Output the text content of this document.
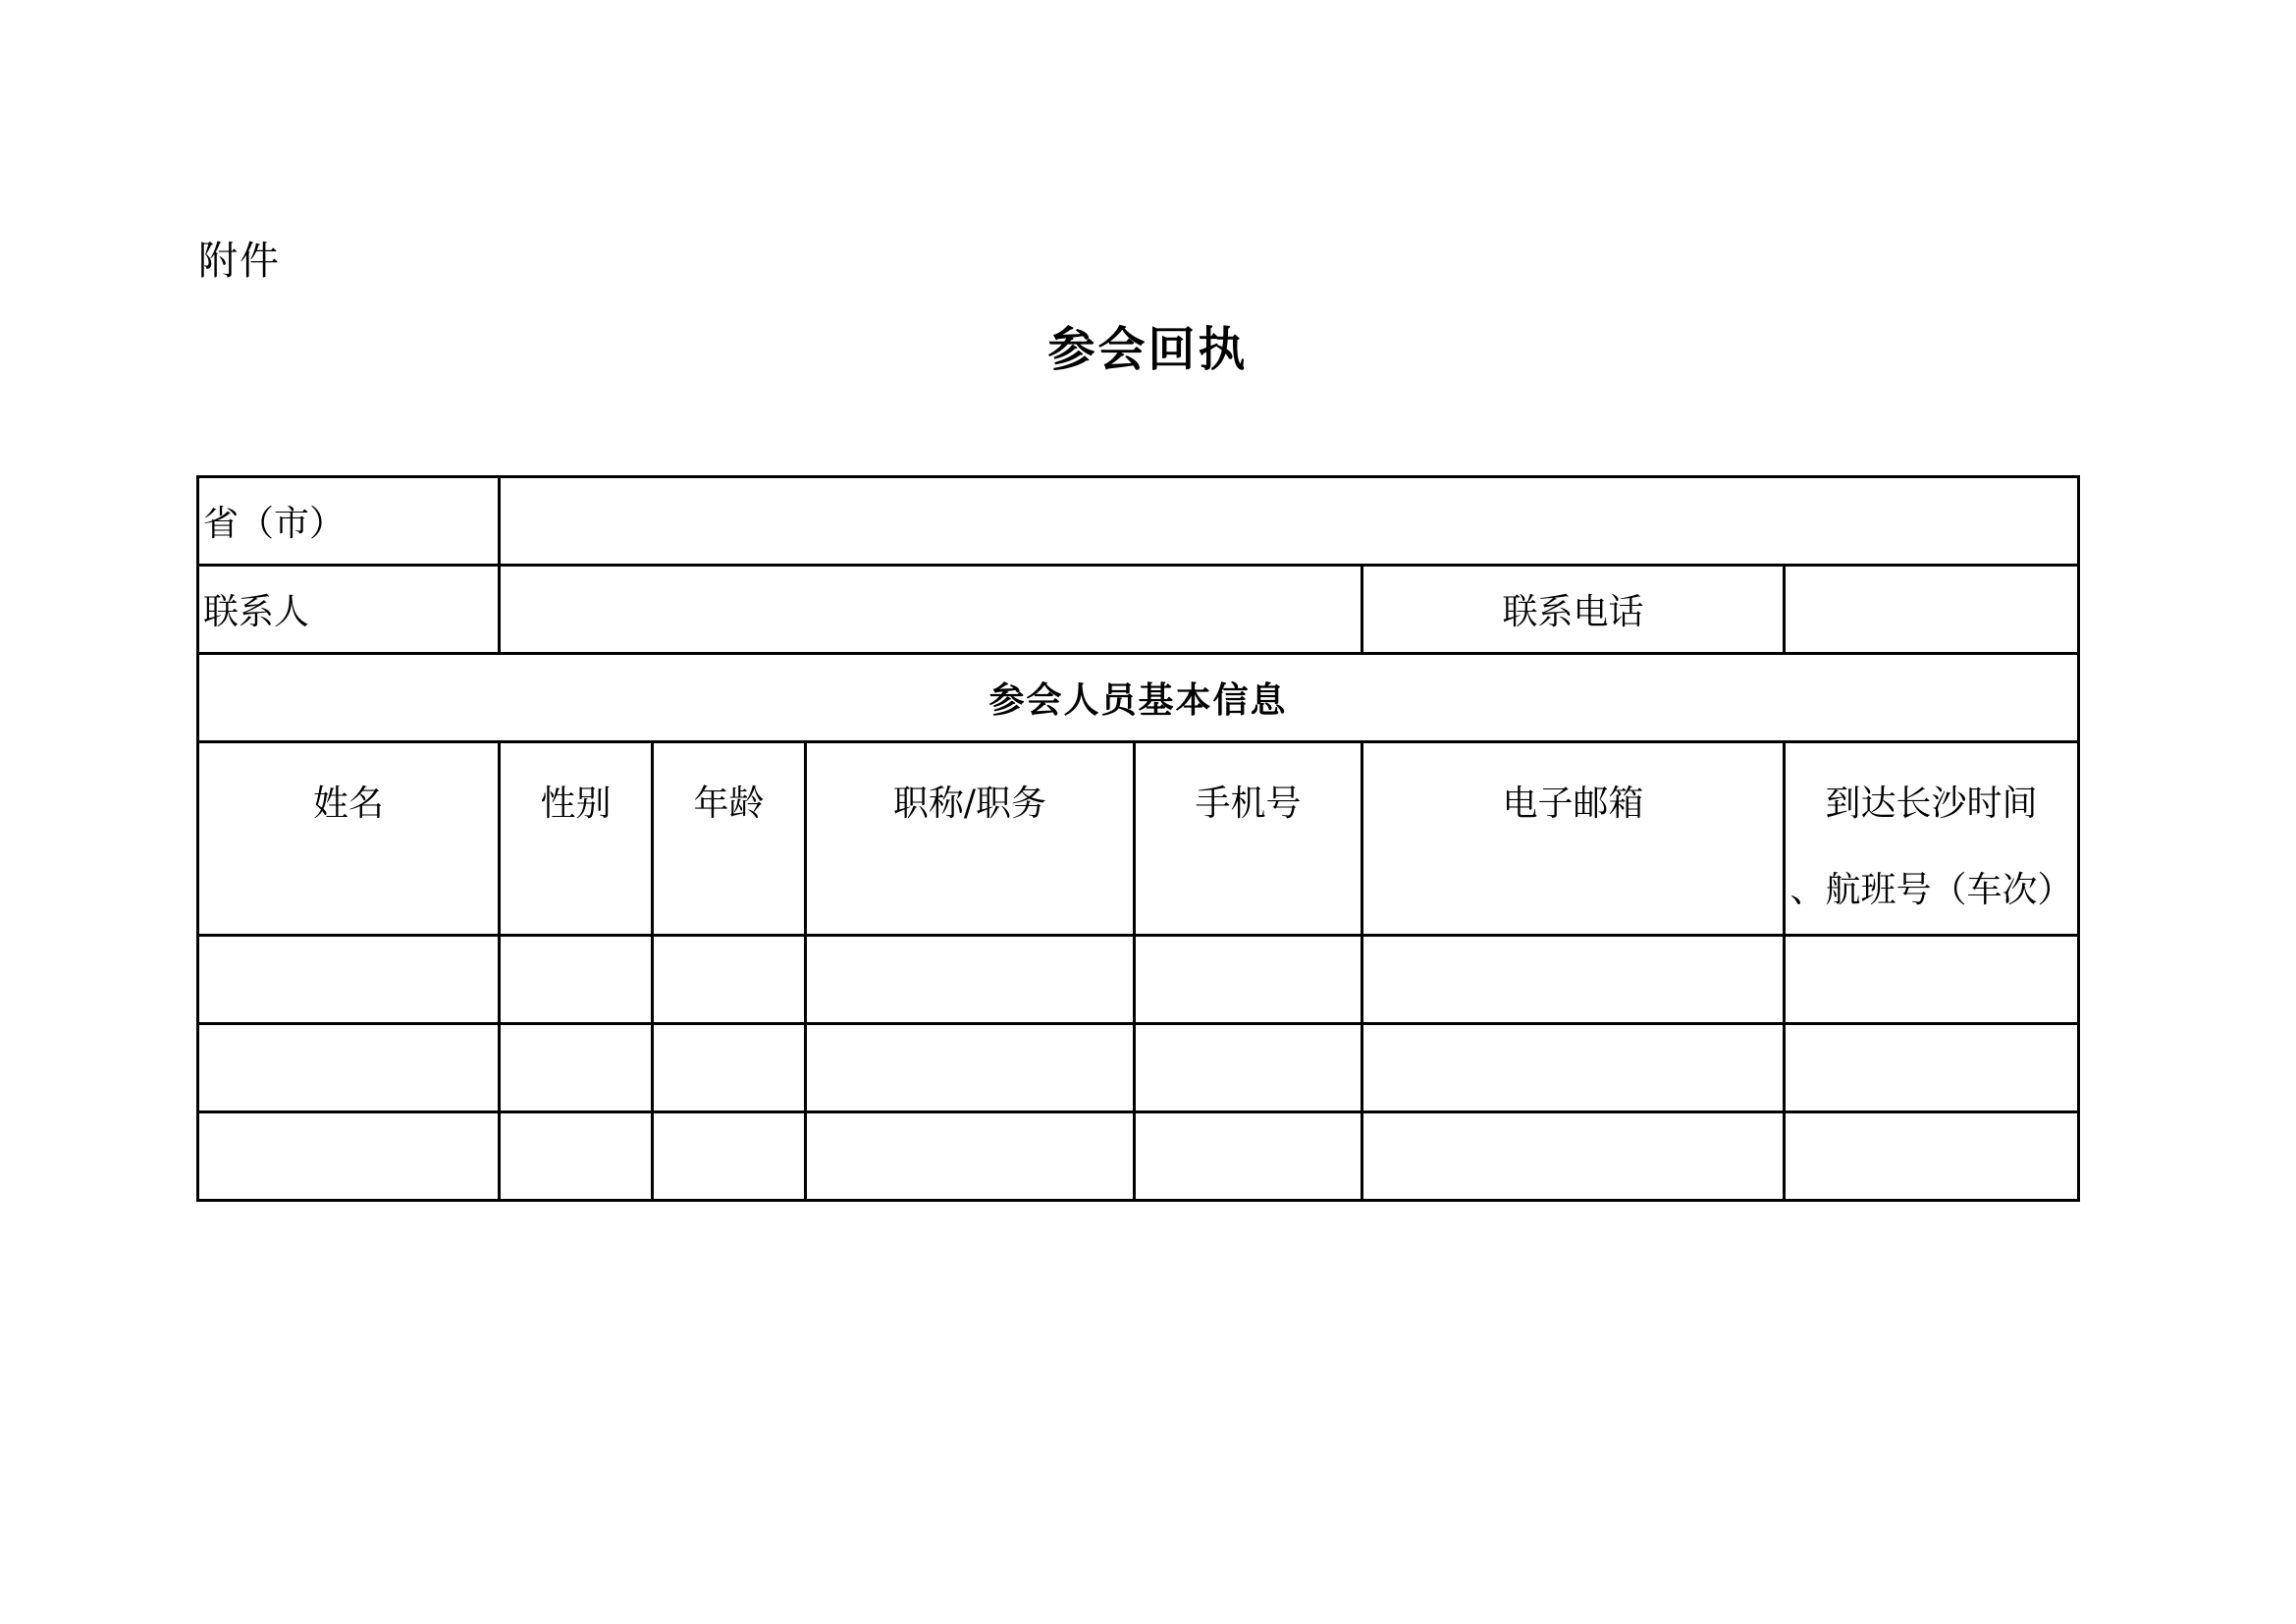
附件
参会回执
省（市）						
联系人					联系电话	
参会人员基本信息						
姓名	性别	年龄	职称/职务	手机号	电子邮箱	到达长沙时间
、航班号（车次）
